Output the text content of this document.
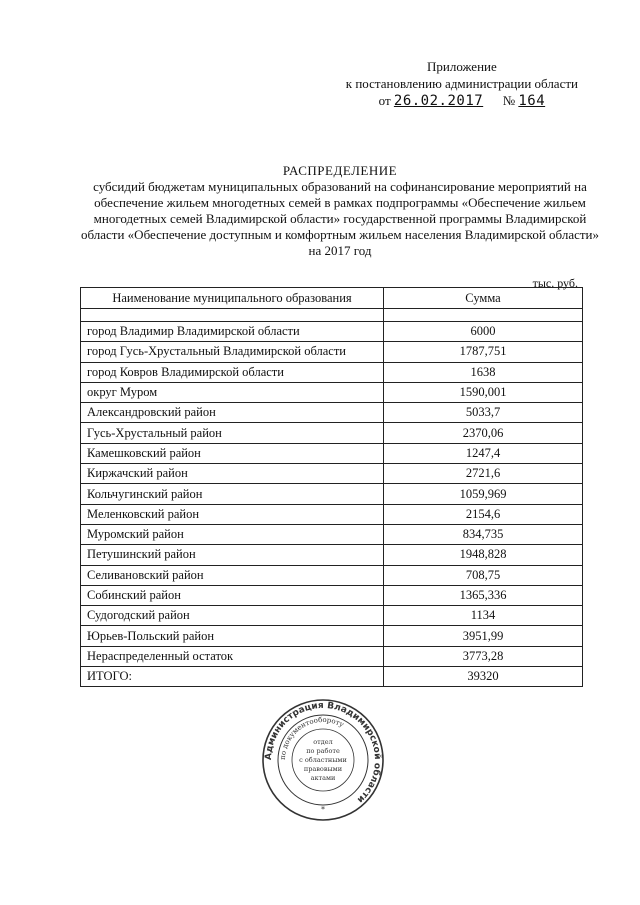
Приложение
к постановлению администрации области
от 26.02.2017 № 164
РАСПРЕДЕЛЕНИЕ
субсидий бюджетам муниципальных образований на софинансирование мероприятий на
обеспечение жильем многодетных семей в рамках подпрограммы «Обеспечение жильем
многодетных семей Владимирской области» государственной программы Владимирской
области «Обеспечение доступным и комфортным жильем населения Владимирской области»
на 2017 год
тыс. руб.
Наименование муниципального образования	Сумма

город Владимир Владимирской области	6000
город Гусь-Хрустальный Владимирской области	1787,751
город Ковров Владимирской области	1638
округ Муром	1590,001
Александровский район	5033,7
Гусь-Хрустальный район	2370,06
Камешковский район	1247,4
Киржачский район	2721,6
Кольчугинский район	1059,969
Меленковский район	2154,6
Муромский район	834,735
Петушинский район	1948,828
Селивановский район	708,75
Собинский район	1365,336
Судогодский район	1134
Юрьев-Польский район	3951,99
Нераспределенный остаток	3773,28
ИТОГО:	39320
Администрация Владимирской области
по документообороту
отдел
по работе
с областными
правовыми
актами
*
